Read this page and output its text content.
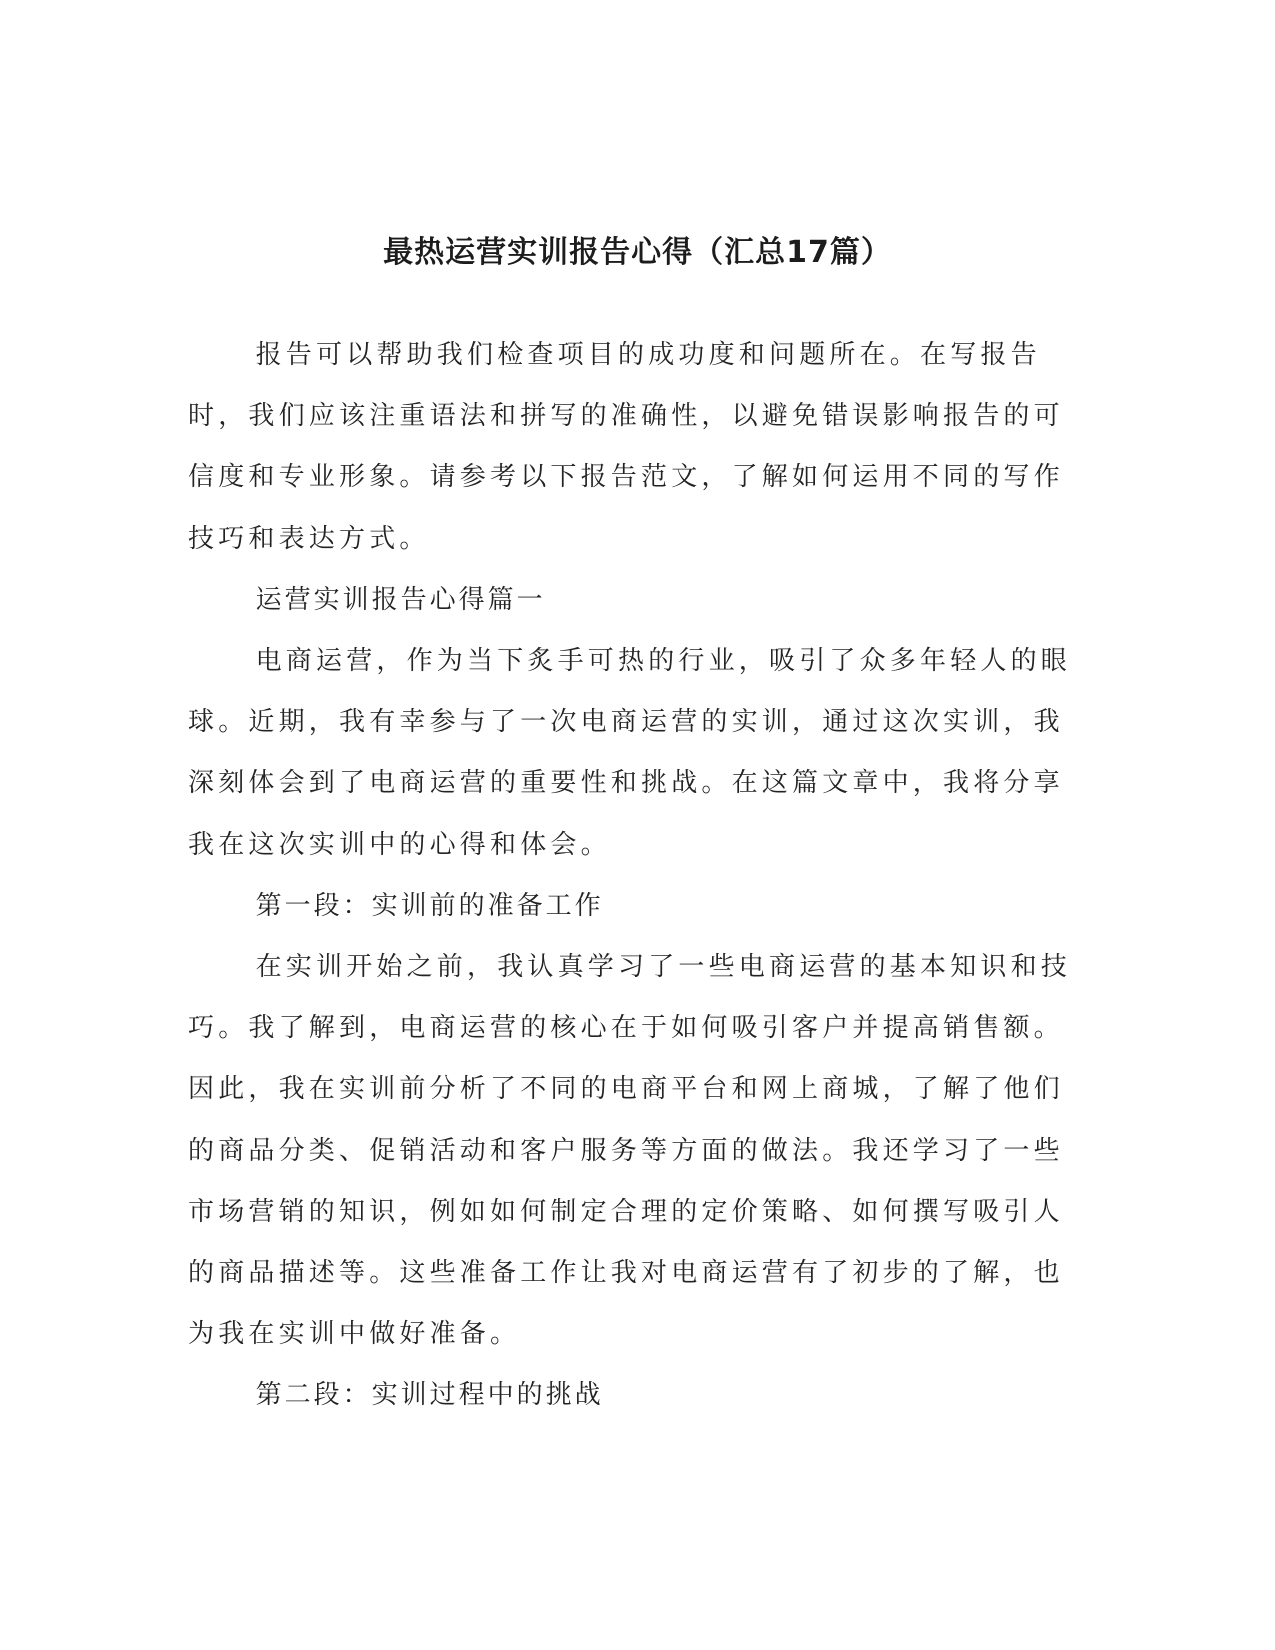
最热运营实训报告心得（汇总17篇）

报告可以帮助我们检查项目的成功度和问题所在。在写报告时，我们应该注重语法和拼写的准确性，以避免错误影响报告的可信度和专业形象。请参考以下报告范文，了解如何运用不同的写作技巧和表达方式。

运营实训报告心得篇一

电商运营，作为当下炙手可热的行业，吸引了众多年轻人的眼球。近期，我有幸参与了一次电商运营的实训，通过这次实训，我深刻体会到了电商运营的重要性和挑战。在这篇文章中，我将分享我在这次实训中的心得和体会。

第一段：实训前的准备工作

在实训开始之前，我认真学习了一些电商运营的基本知识和技巧。我了解到，电商运营的核心在于如何吸引客户并提高销售额。因此，我在实训前分析了不同的电商平台和网上商城，了解了他们的商品分类、促销活动和客户服务等方面的做法。我还学习了一些市场营销的知识，例如如何制定合理的定价策略、如何撰写吸引人的商品描述等。这些准备工作让我对电商运营有了初步的了解，也为我在实训中做好准备。

第二段：实训过程中的挑战
